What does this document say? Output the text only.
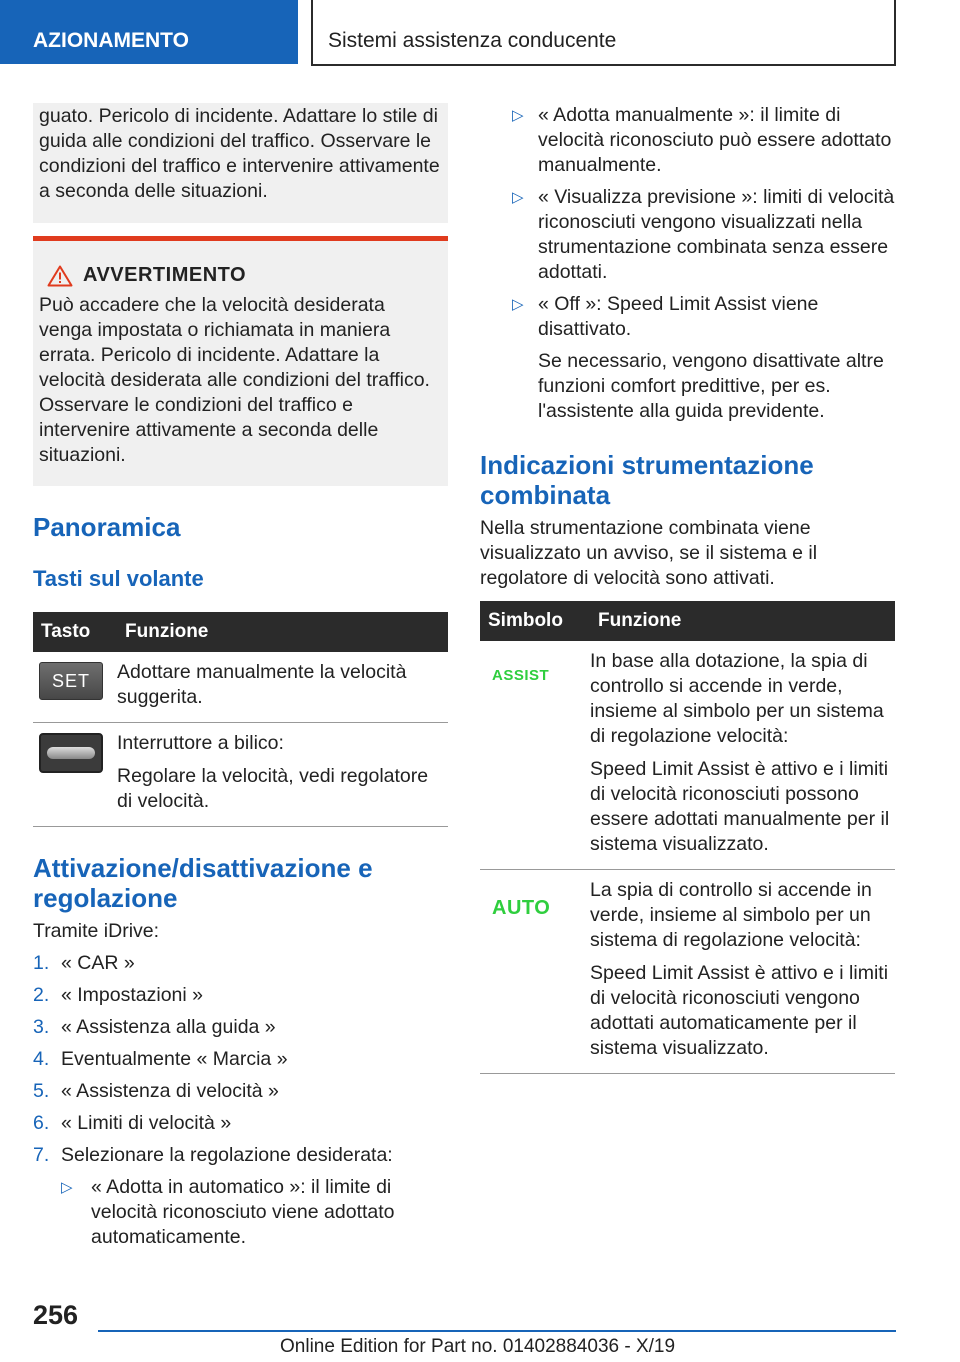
AZIONAMENTO	Sistemi assistenza conducente

guato. Pericolo di incidente. Adattare lo stile di guida alle condizioni del traffico. Osservare le condizioni del traffico e intervenire attivamente a seconda delle situazioni.

AVVERTIMENTO

Può accadere che la velocità desiderata venga impostata o richiamata in maniera errata. Pericolo di incidente. Adattare la velocità desiderata alle condizioni del traffico. Osservare le condizioni del traffico e intervenire attivamente a seconda delle situazioni.

Panoramica
Tasti sul volante
Tasto	Funzione

SET	Adottare manualmente la velocità suggerita.

	Interruttore a bilico:

Regolare la velocità, vedi regolatore di velocità.

Attivazione/disattivazione e regolazione

Tramite iDrive:

1. « CAR »
2. « Impostazioni »
3. « Assistenza alla guida »
4. Eventualmente « Marcia »
5. « Assistenza di velocità »
6. « Limiti di velocità »
7. Selezionare la regolazione desiderata:
▷ « Adotta in automatico »: il limite di velocità riconosciuto viene adottato automaticamente.
▷ « Adotta manualmente »: il limite di velocità riconosciuto può essere adottato manualmente.
▷ « Visualizza previsione »: limiti di velocità riconosciuti vengono visualizzati nella strumentazione combinata senza essere adottati.
▷ « Off »: Speed Limit Assist viene disattivato.

Se necessario, vengono disattivate altre funzioni comfort predittive, per es. l'assistente alla guida previdente.

Indicazioni strumentazione combinata

Nella strumentazione combinata viene visualizzato un avviso, se il sistema e il regolatore di velocità sono attivati.

Simbolo	Funzione

ASSIST	In base alla dotazione, la spia di controllo si accende in verde, insieme al simbolo per un sistema di regolazione velocità:

Speed Limit Assist è attivo e i limiti di velocità riconosciuti possono essere adottati manualmente per il sistema visualizzato.

AUTO	La spia di controllo si accende in verde, insieme al simbolo per un sistema di regolazione velocità:

Speed Limit Assist è attivo e i limiti di velocità riconosciuti vengono adottati automaticamente per il sistema visualizzato.

256
Online Edition for Part no. 01402884036 - X/19
